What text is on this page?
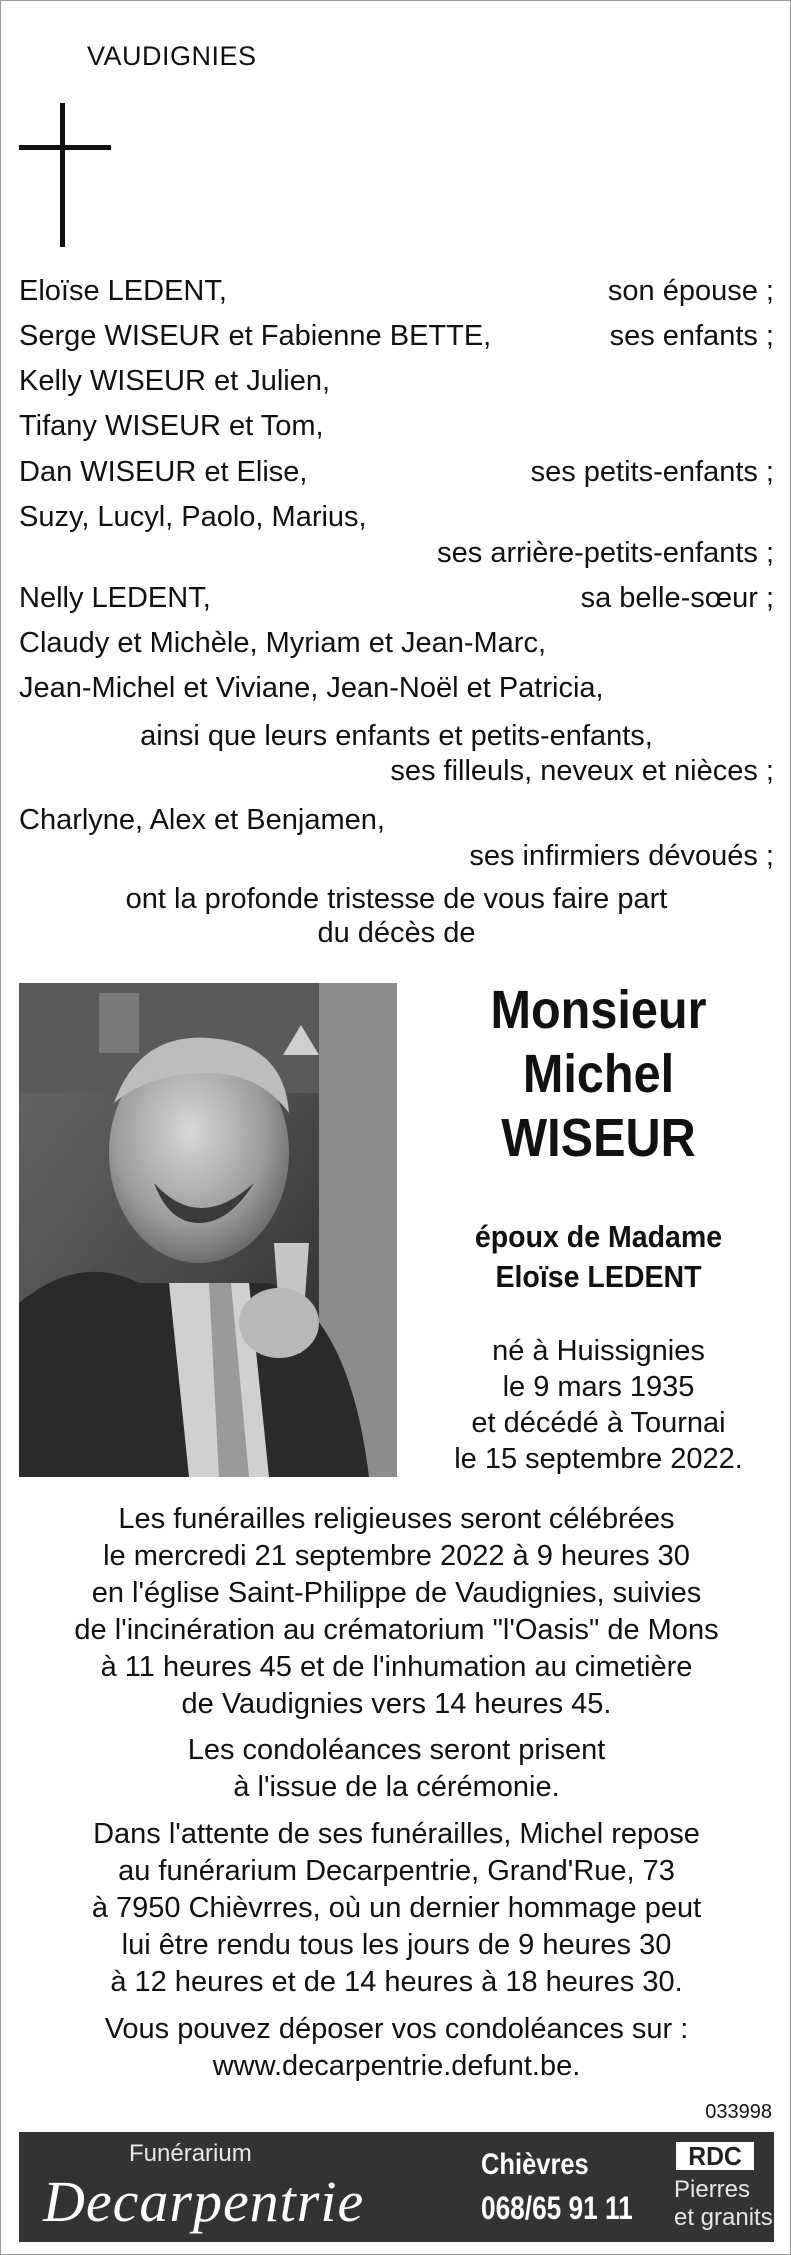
VAUDIGNIES
Eloïse LEDENT,	son épouse ;
Serge WISEUR et Fabienne BETTE,	ses enfants ;
Kelly WISEUR et Julien,
Tifany WISEUR et Tom,
Dan WISEUR et Elise,	ses petits-enfants ;
Suzy, Lucyl, Paolo, Marius,
ses arrière-petits-enfants ;
Nelly LEDENT,	sa belle-sœur ;
Claudy et Michèle, Myriam et Jean-Marc,
Jean-Michel et Viviane, Jean-Noël et Patricia,
ainsi que leurs enfants et petits-enfants,
ses filleuls, neveux et nièces ;
Charlyne, Alex et Benjamen,
ses infirmiers dévoués ;
ont la profonde tristesse de vous faire part
du décès de
Monsieur
Michel
WISEUR
époux de Madame
Eloïse LEDENT
né à Huissignies
le 9 mars 1935
et décédé à Tournai
le 15 septembre 2022.
Les funérailles religieuses seront célébrées
le mercredi 21 septembre 2022 à 9 heures 30
en l'église Saint-Philippe de Vaudignies, suivies
de l'incinération au crématorium "l'Oasis" de Mons
à 11 heures 45 et de l'inhumation au cimetière
de Vaudignies vers 14 heures 45.
Les condoléances seront prisent
à l'issue de la cérémonie.
Dans l'attente de ses funérailles, Michel repose
au funérarium Decarpentrie, Grand'Rue, 73
à 7950 Chièvrres, où un dernier hommage peut
lui être rendu tous les jours de 9 heures 30
à 12 heures et de 14 heures à 18 heures 30.
Vous pouvez déposer vos condoléances sur :
www.decarpentrie.defunt.be.
033998
Funérarium
Decarpentrie
Chièvres
068/65 91 11
RDC
Pierres
et granits
